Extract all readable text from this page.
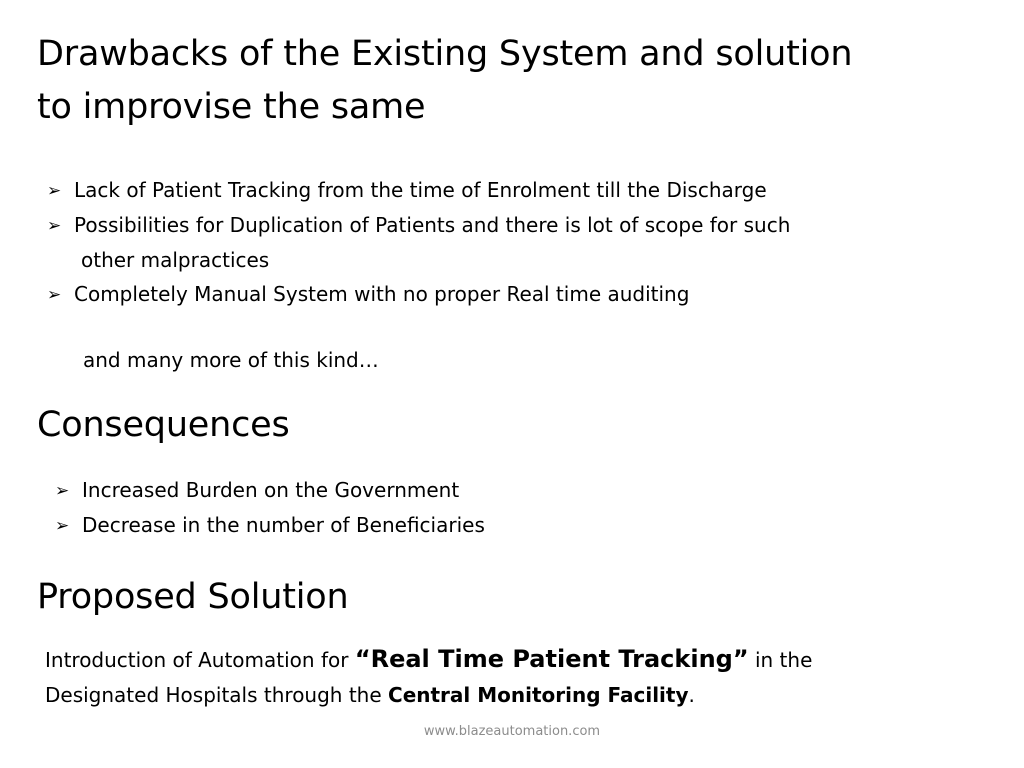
Drawbacks of the Existing System and solution
to improvise the same
➢ Lack of Patient Tracking from the time of Enrolment till the Discharge
➢ Possibilities for Duplication of Patients and there is lot of scope for such
other malpractices
➢ Completely Manual System with no proper Real time auditing
and many more of this kind…
Consequences
➢ Increased Burden on the Government
➢ Decrease in the number of Beneficiaries
Proposed Solution

Introduction of Automation for “Real Time Patient Tracking” in the
Designated Hospitals through the Central Monitoring Facility.

www.blazeautomation.com
